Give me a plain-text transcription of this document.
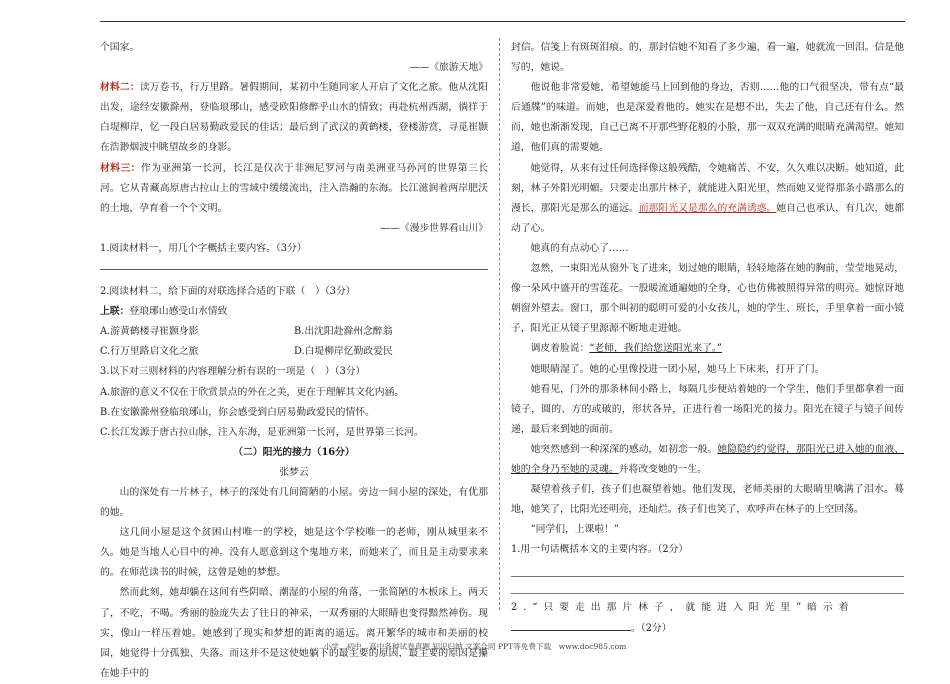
个国家。

——《旅游天地》

材料二：读万卷书，行万里路。暑假期间，某初中生随同家人开启了文化之旅。他从沈阳出发，途经安徽滁州，登临琅琊山，感受欧阳修醉乎山水的情致；再赴杭州西湖，徜徉于白堤柳岸，忆一段白居易勤政爱民的佳话；最后到了武汉的黄鹤楼，登楼游赏，寻觅崔颢在浩渺烟波中眺望故乡的身影。

材料三：作为亚洲第一长河，长江是仅次于非洲尼罗河与南美洲亚马孙河的世界第三长河。它从青藏高原唐古拉山上的雪域中缓缓流出，注入浩瀚的东海。长江滋润着两岸肥沃的土地，孕育着一个个文明。

——《漫步世界看山川》

1.阅读材料一，用几个字概括主要内容。（3分）

2.阅读材料二，给下面的对联选择合适的下联（　）（3分）

上联：登琅琊山感受山水情致

A.游黄鹤楼寻崔颢身影	B.出沈阳赴滁州念醉翁
C.行万里路启文化之旅	D.白堤柳岸忆勤政爱民

3.以下对三则材料的内容理解分析有误的一项是（　）（3分）

A.旅游的意义不仅在于欣赏景点的外在之美，更在于理解其文化内涵。

B.在安徽滁州登临琅琊山，你会感受到白居易勤政爱民的情怀。

C.长江发源于唐古拉山脉，注入东海，是亚洲第一长河，是世界第三长河。

（二）阳光的接力（16分）

张梦云

山的深处有一片林子，林子的深处有几间简陋的小屋。旁边一间小屋的深处，有优那的她。

这几间小屋是这个贫困山村唯一的学校，她是这个学校唯一的老师，刚从城里来不久。她是当地人心目中的神。没有人愿意到这个鬼地方来，而她来了，而且是主动要求来的。在师范读书的时候，这曾是她的梦想。

然而此刻，她却躺在这间有些阴暗、潮湿的小屋的角落，一张简陋的木板床上。两天了，不吃，不喝。秀丽的脸庞失去了往日的神采，一双秀丽的大眼睛也变得黯然神伤。现实，像山一样压着她。她感到了现实和梦想的距离的遥远。离开繁华的城市和美丽的校园，她觉得十分孤独、失落。而这并不是这使她躺下的最主要的原因，最主要的原因是攥在她手中的

封信。信笺上有斑斑泪痕。的，那封信她不知看了多少遍，看一遍，她就流一回泪。信是他写的，她说。

他说他非常爱她，希望她能马上回到他的身边，否则……他的口气很坚决，带有点“最后通牒”的味道。而她，也是深爱着他的。她实在是想不出，失去了他，自己还有什么。然而，她也渐渐发现，自己已离不开那些野花般的小脸，那一双双充满的眼睛充满渴望。她知道，他们真的需要她。

她觉得，从来有过任何选择像这般残酷，令她痛苦、不安，久久难以决断。她知道，此刻，林子外阳光明媚。只要走出那片林子，就能进入阳光里，然而她又觉得那条小路那么的漫长，那阳光是那么的遥远。而那阳光又是那么的充满诱惑。她自己也承认，有几次，她都动了心。

她真的有点动心了……

忽然，一束阳光从窗外飞了进来，划过她的眼睛，轻轻地落在她的胸前，莹莹地晃动，像一朵风中盛开的雪莲花。一股暖流通遍她的全身，心也仿佛被照得异常的明亮。她惊讶地朝窗外望去。窗口，那个叫初的聪明可爱的小女孩儿，她的学生、班长，手里拿着一面小镜子，阳光正从镜子里源源不断地走进她。

调皮着脸说：“老师，我们给您送阳光来了。”

她眼睛湿了。她的心里像投进一团小屋，她马上下床来，打开了门。

她看见，门外的那条林间小路上，每隔几步便站着她的一个学生，他们手里都拿着一面镜子，圆的、方的或破的，形状各异，正进行着一场阳光的接力。阳光在镜子与镜子间传递，最后来到她的面前。

她突然感到一种深深的感动，如初恋一般。她隐隐约约觉得，那阳光已进入她的血液、她的全身乃至她的灵魂。并将改变她的一生。

凝望着孩子们，孩子们也凝望着她。他们发现，老师美丽的大眼睛里噙满了泪水。蓦地，她笑了，比阳光还明亮，还灿烂。孩子们也笑了，欢呼声在林子的上空回荡。

“同学们，上课啦！”

1.用一句话概括本文的主要内容。（2分）

2.“只要走出那片林子，就能进入阳光里”暗示着

。（2分）

小学、初中、高中各种试卷真题 知识归纳 文案合同 PPT等免费下载　www.doc985.com
